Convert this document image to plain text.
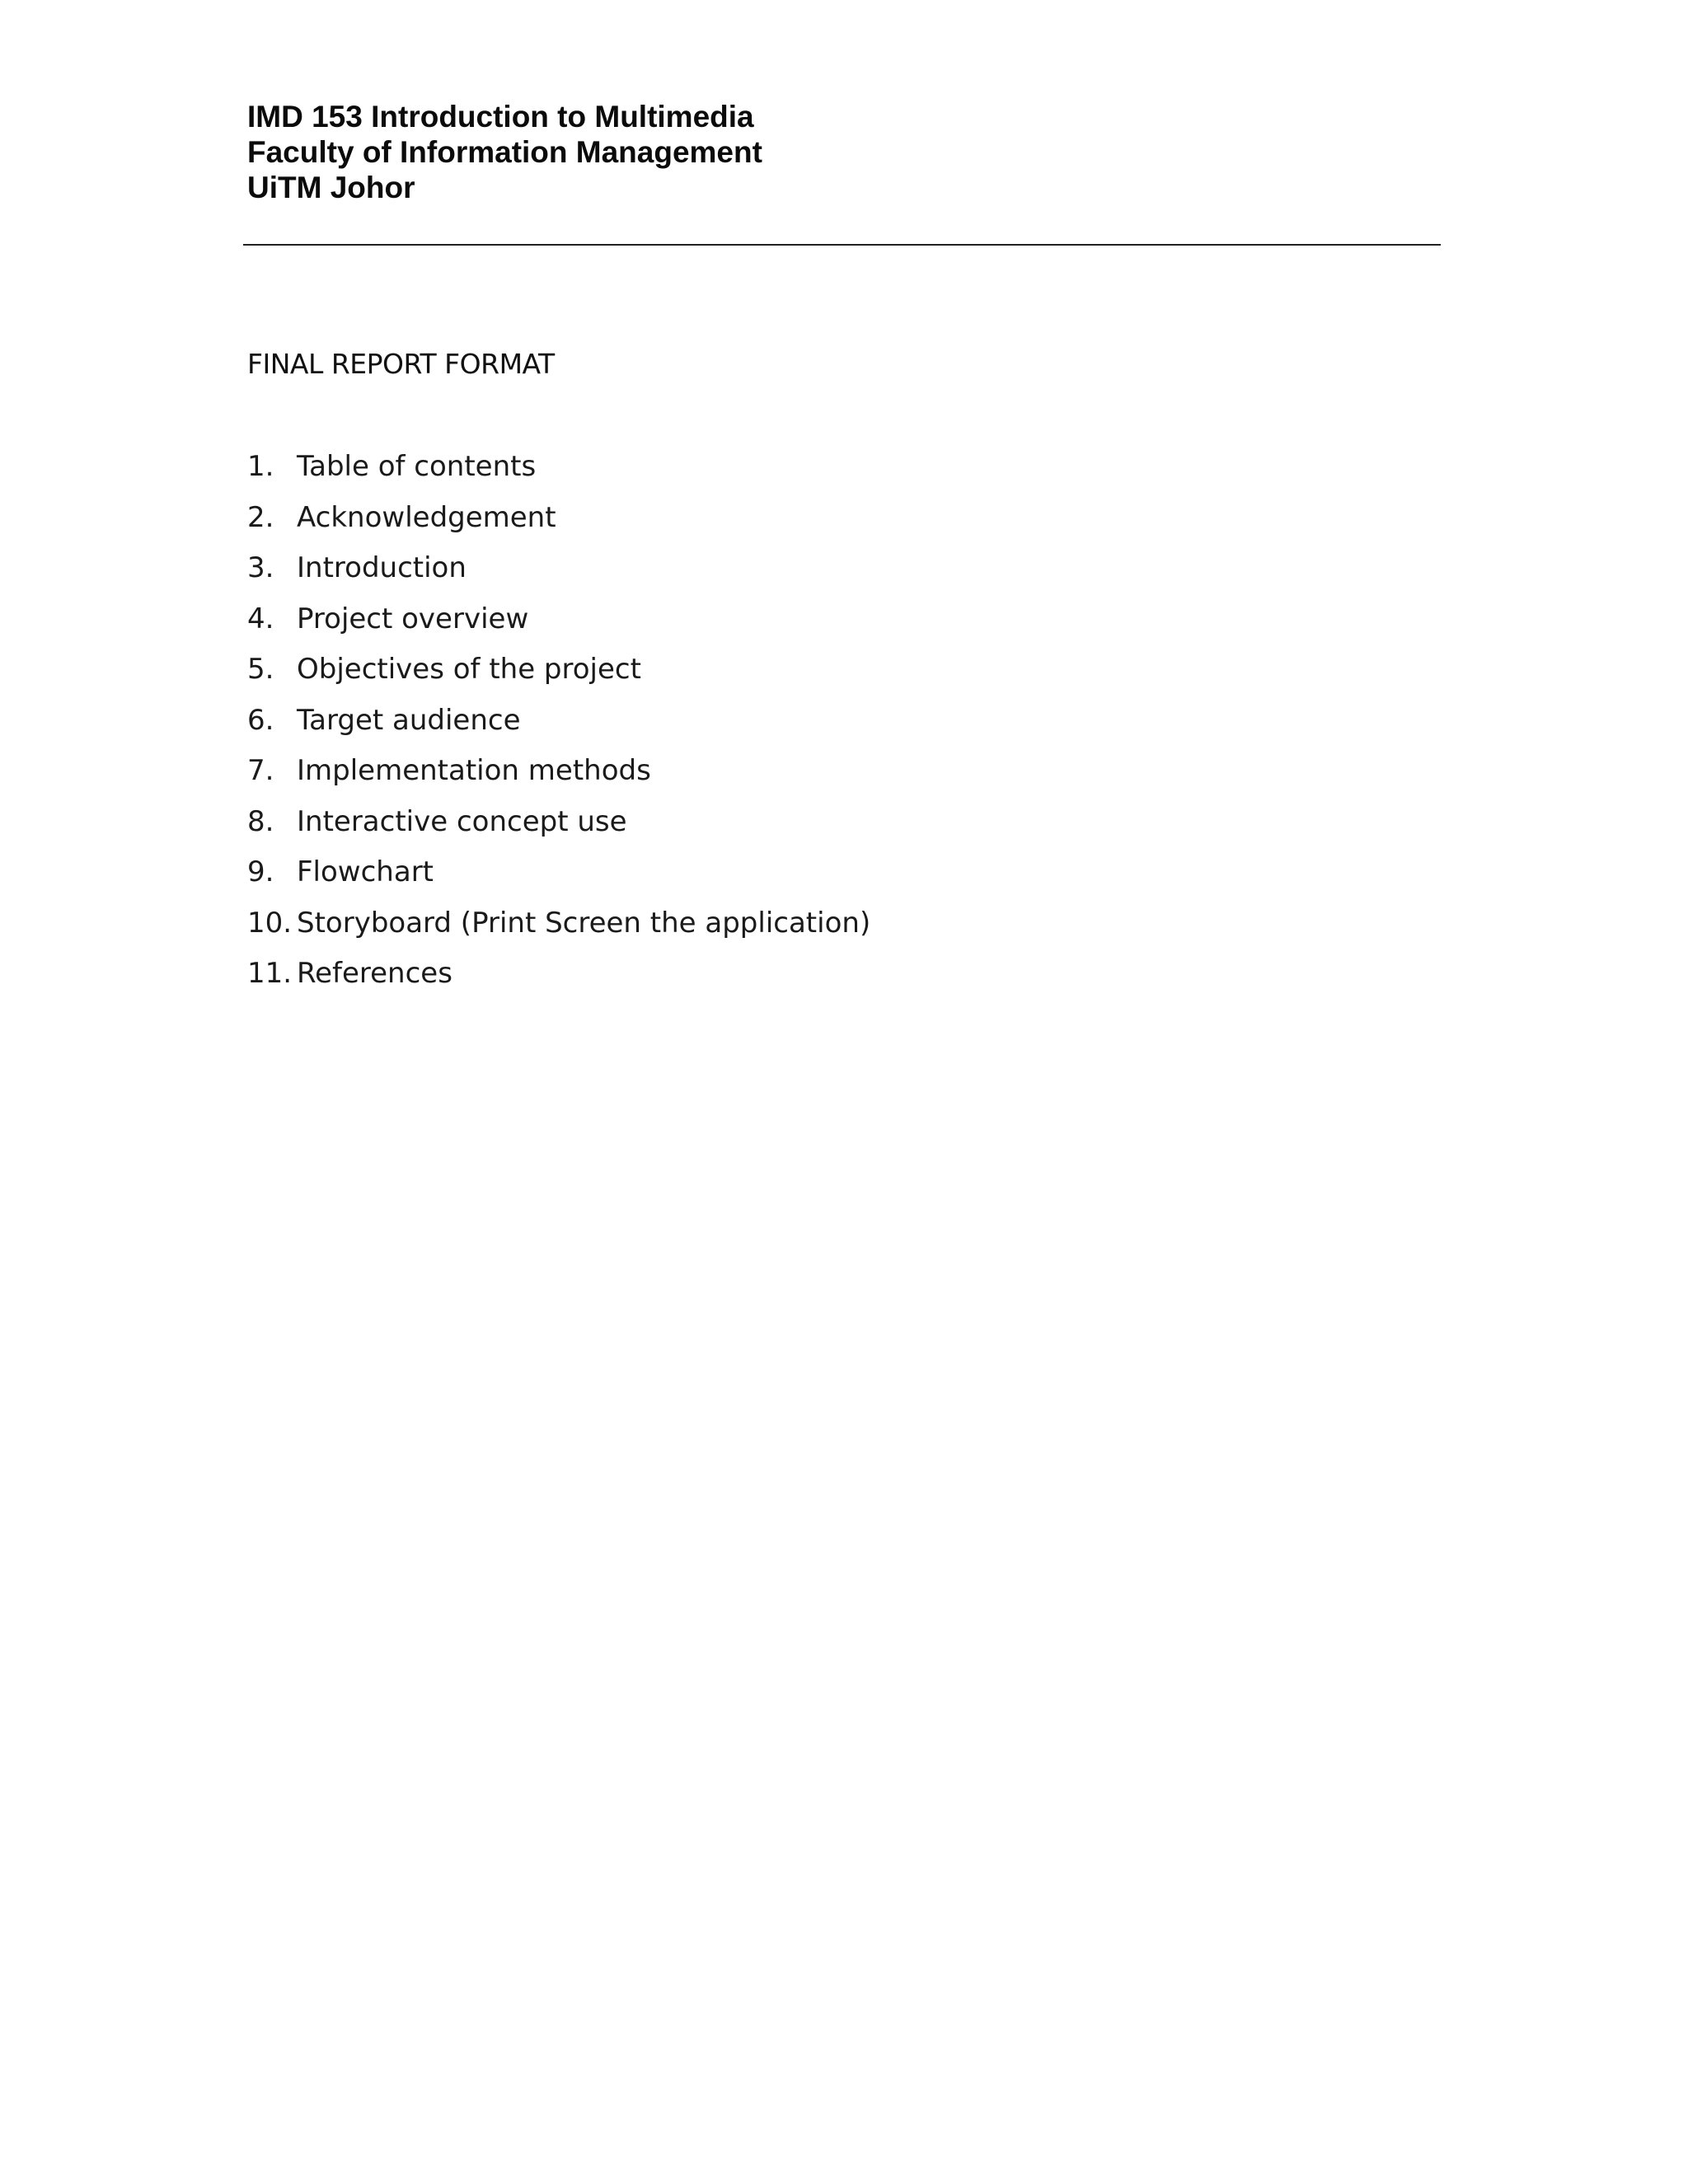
IMD 153 Introduction to Multimedia
Faculty of Information Management
UiTM Johor
FINAL REPORT FORMAT
1. Table of contents
2. Acknowledgement
3. Introduction
4. Project overview
5. Objectives of the project
6. Target audience
7. Implementation methods
8. Interactive concept use
9. Flowchart
10. Storyboard (Print Screen the application)
11. References
